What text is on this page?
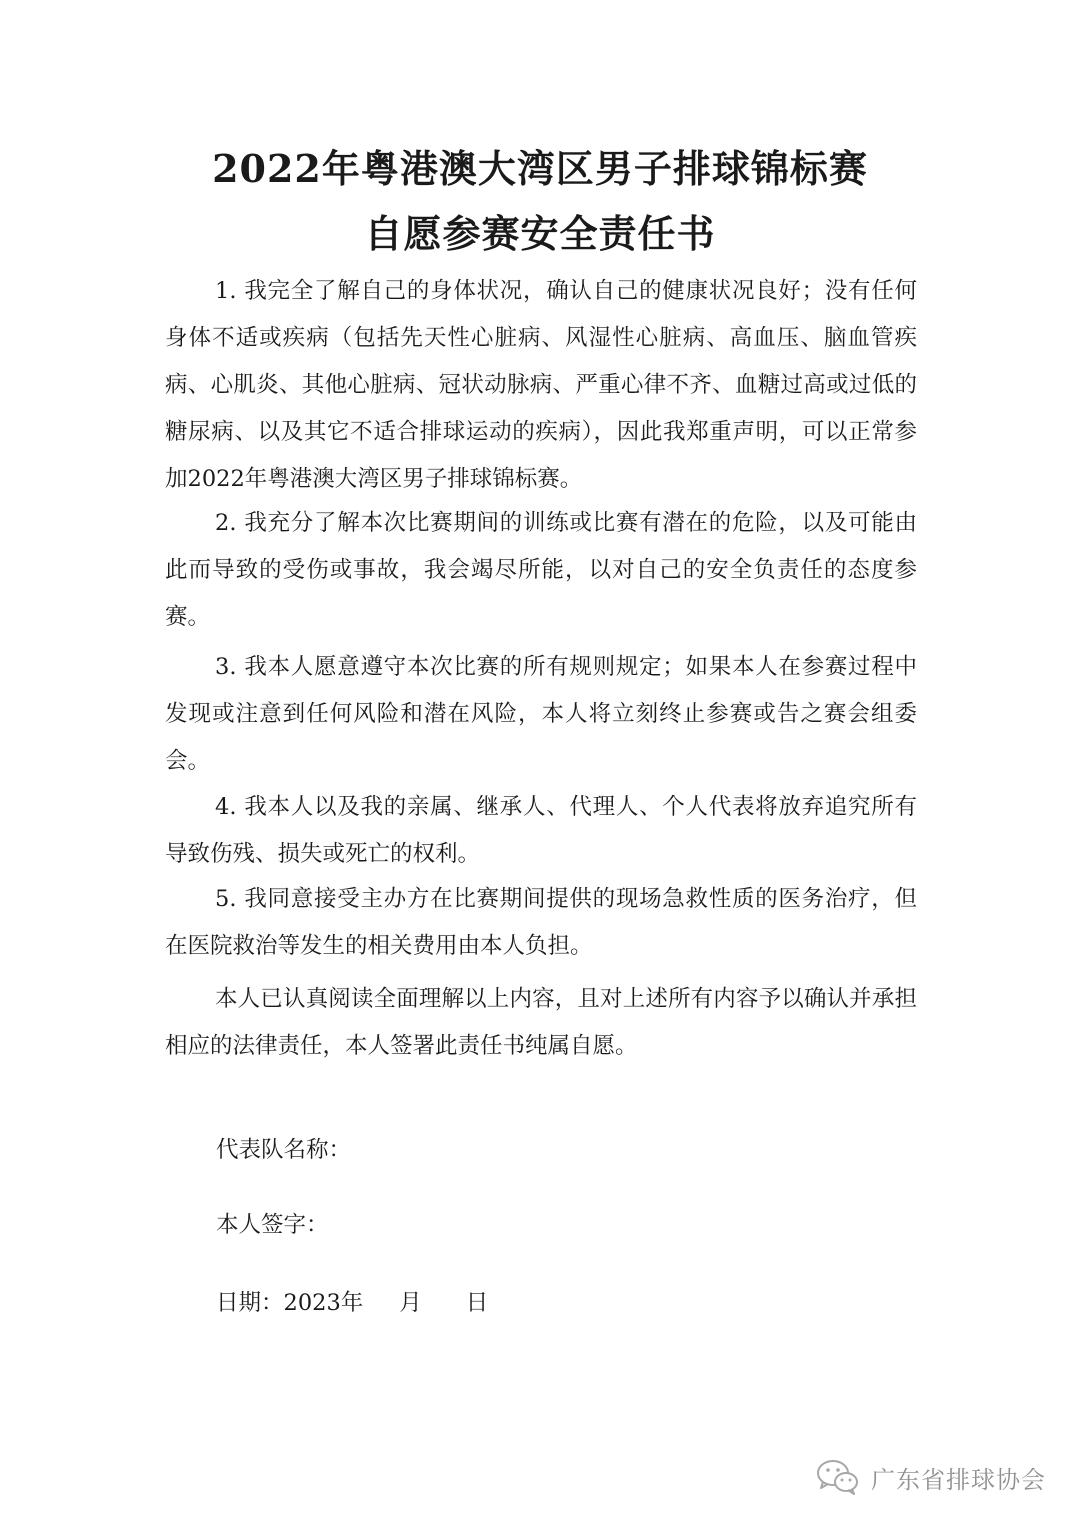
2022年粤港澳大湾区男子排球锦标赛
自愿参赛安全责任书

1. 我完全了解自己的身体状况，确认自己的健康状况良好；没有任何身体不适或疾病（包括先天性心脏病、风湿性心脏病、高血压、脑血管疾病、心肌炎、其他心脏病、冠状动脉病、严重心律不齐、血糖过高或过低的糖尿病、以及其它不适合排球运动的疾病），因此我郑重声明，可以正常参加2022年粤港澳大湾区男子排球锦标赛。

2. 我充分了解本次比赛期间的训练或比赛有潜在的危险，以及可能由此而导致的受伤或事故，我会竭尽所能，以对自己的安全负责任的态度参赛。

3. 我本人愿意遵守本次比赛的所有规则规定；如果本人在参赛过程中发现或注意到任何风险和潜在风险，本人将立刻终止参赛或告之赛会组委会。

4. 我本人以及我的亲属、继承人、代理人、个人代表将放弃追究所有导致伤残、损失或死亡的权利。

5. 我同意接受主办方在比赛期间提供的现场急救性质的医务治疗，但在医院救治等发生的相关费用由本人负担。

本人已认真阅读全面理解以上内容，且对上述所有内容予以确认并承担相应的法律责任，本人签署此责任书纯属自愿。

代表队名称：
本人签字：
日期：2023年 月 日
广东省排球协会
